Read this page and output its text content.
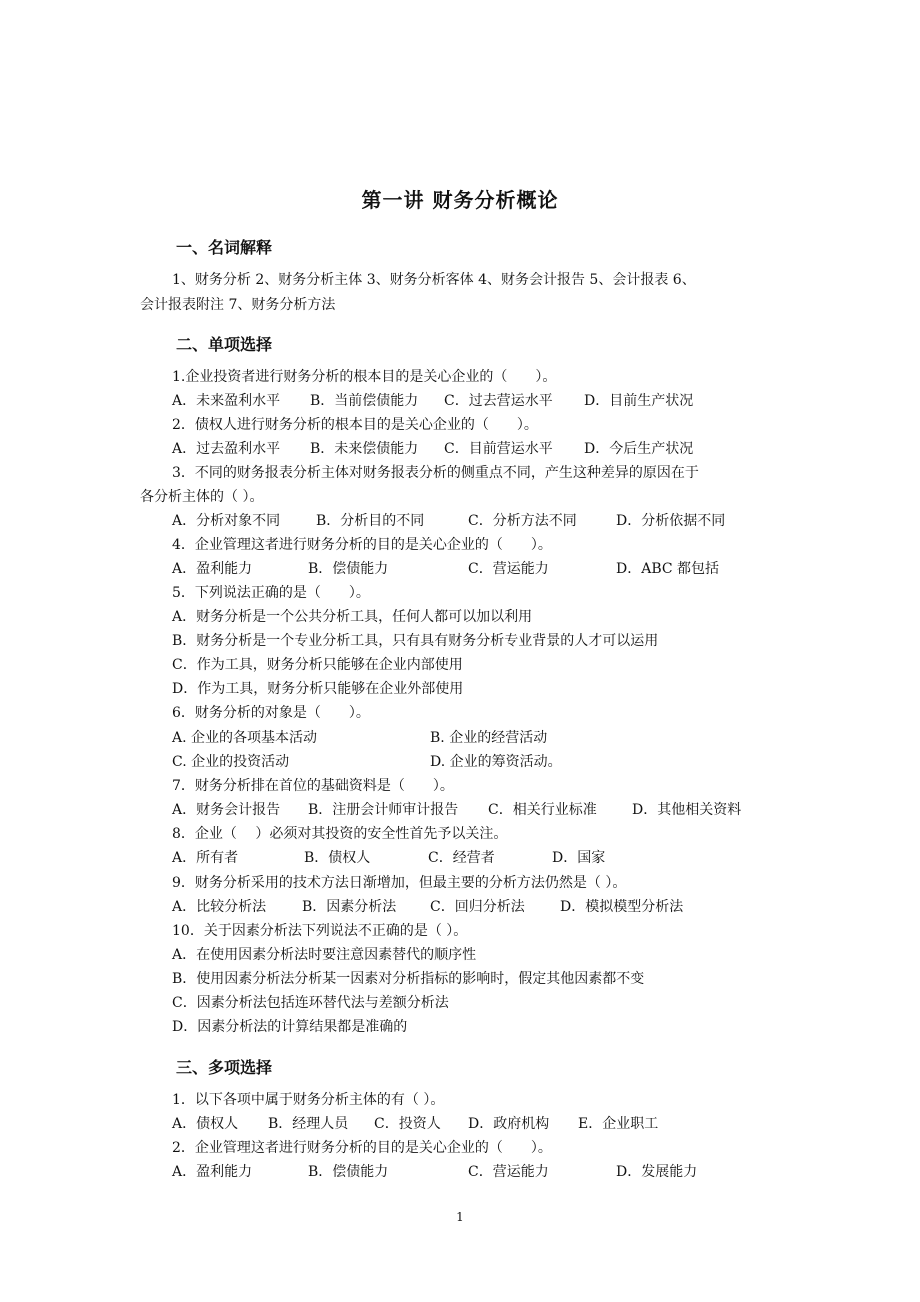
第一讲 财务分析概论
一、名词解释
1、财务分析 2、财务分析主体 3、财务分析客体 4、财务会计报告 5、会计报表 6、
会计报表附注 7、财务分析方法
二、单项选择
1.企业投资者进行财务分析的根本目的是关心企业的（　　）。
A．未来盈利水平 B．当前偿债能力 C．过去营运水平 D．目前生产状况
2．债权人进行财务分析的根本目的是关心企业的（　　）。
A．过去盈利水平 B．未来偿债能力 C．目前营运水平 D．今后生产状况
3．不同的财务报表分析主体对财务报表分析的侧重点不同，产生这种差异的原因在于
各分析主体的（ ）。
A．分析对象不同	B．分析目的不同	C．分析方法不同	D．分析依据不同
4．企业管理这者进行财务分析的目的是关心企业的（　　）。
A．盈利能力	B．偿债能力	C．营运能力	D．ABC 都包括
5．下列说法正确的是（　　）。
A．财务分析是一个公共分析工具，任何人都可以加以利用
B．财务分析是一个专业分析工具，只有具有财务分析专业背景的人才可以运用
C．作为工具，财务分析只能够在企业内部使用
D．作为工具，财务分析只能够在企业外部使用
6．财务分析的对象是（　　）。
A. 企业的各项基本活动	B. 企业的经营活动
C. 企业的投资活动	D. 企业的筹资活动。
7．财务分析排在首位的基础资料是（　　）。
A．财务会计报告 B．注册会计师审计报告 C．相关行业标准	D．其他相关资料
8．企业（　 ）必须对其投资的安全性首先予以关注。
A．所有者	B．债权人	C．经营者	D．国家
9．财务分析采用的技术方法日渐增加，但最主要的分析方法仍然是（ ）。
A．比较分析法	B．因素分析法 C．回归分析法	D．模拟模型分析法
10．关于因素分析法下列说法不正确的是（ ）。
A．在使用因素分析法时要注意因素替代的顺序性
B．使用因素分析法分析某一因素对分析指标的影响时，假定其他因素都不变
C．因素分析法包括连环替代法与差额分析法
D．因素分析法的计算结果都是准确的
三、多项选择
1．以下各项中属于财务分析主体的有（ ）。
A．债权人 B．经理人员 C．投资人 D．政府机构 E．企业职工
2．企业管理这者进行财务分析的目的是关心企业的（　　）。
A．盈利能力	B．偿债能力	C．营运能力	D．发展能力
1
